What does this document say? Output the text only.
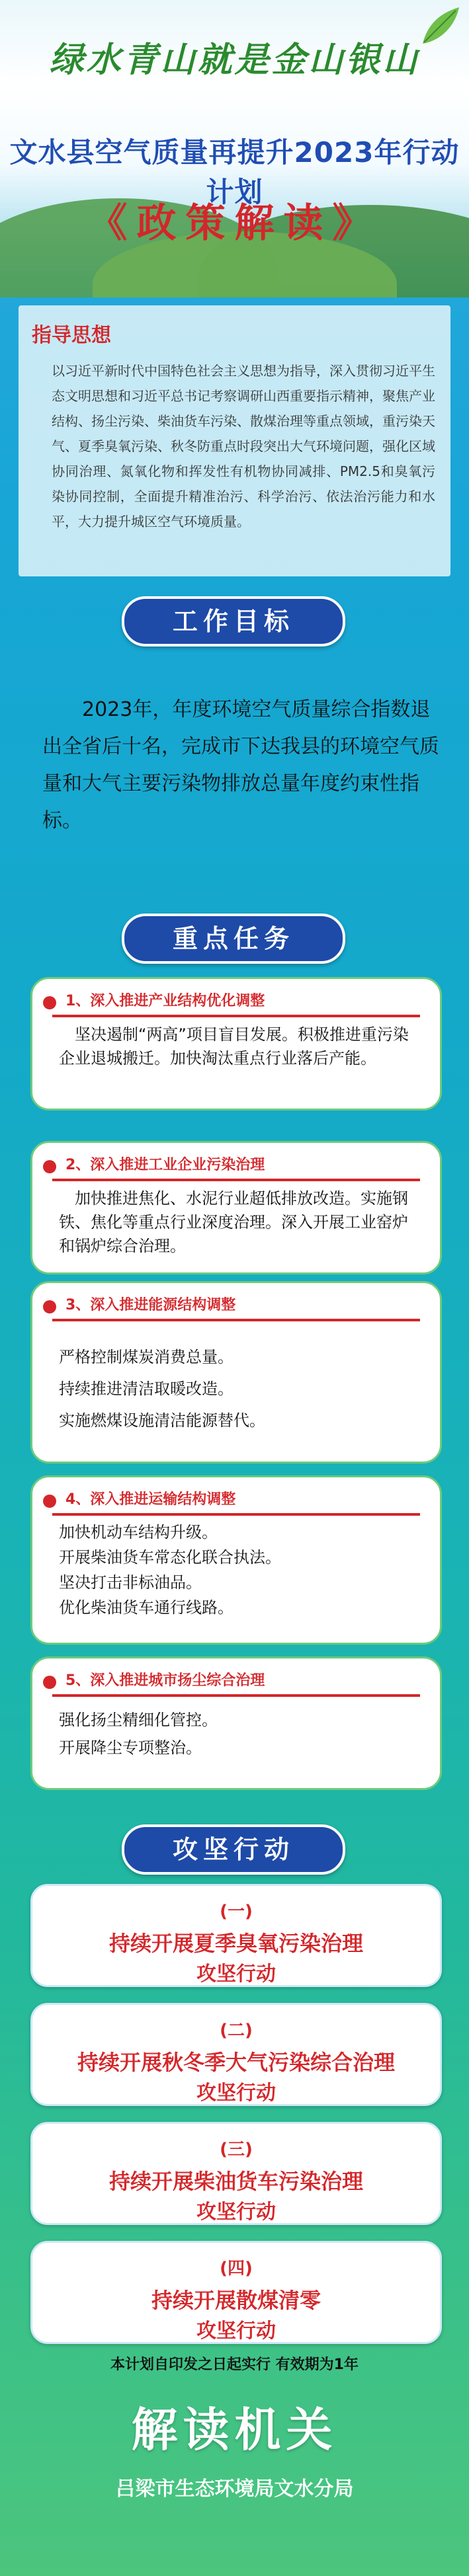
绿水青山就是金山银山
文水县空气质量再提升2023年行动计划
《政策解读》
指导思想
以习近平新时代中国特色社会主义思想为指导，深入贯彻习近平生态文明思想和习近平总书记考察调研山西重要指示精神，聚焦产业结构、扬尘污染、柴油货车污染、散煤治理等重点领域，重污染天气、夏季臭氧污染、秋冬防重点时段突出大气环境问题，强化区域协同治理、氮氧化物和挥发性有机物协同减排、PM2.5和臭氧污染协同控制，全面提升精准治污、科学治污、依法治污能力和水平，大力提升城区空气环境质量。
工作目标
2023年，年度环境空气质量综合指数退出全省后十名，完成市下达我县的环境空气质量和大气主要污染物排放总量年度约束性指标。
重点任务
1、深入推进产业结构优化调整
坚决遏制“两高”项目盲目发展。积极推进重污染企业退城搬迁。加快淘汰重点行业落后产能。
2、深入推进工业企业污染治理
加快推进焦化、水泥行业超低排放改造。实施钢铁、焦化等重点行业深度治理。深入开展工业窑炉和锅炉综合治理。
3、深入推进能源结构调整
严格控制煤炭消费总量。
持续推进清洁取暖改造。
实施燃煤设施清洁能源替代。
4、深入推进运输结构调整
加快机动车结构升级。
开展柴油货车常态化联合执法。
坚决打击非标油品。
优化柴油货车通行线路。
5、深入推进城市扬尘综合治理
强化扬尘精细化管控。
开展降尘专项整治。
攻坚行动
(一)
持续开展夏季臭氧污染治理
攻坚行动
(二)
持续开展秋冬季大气污染综合治理
攻坚行动
(三)
持续开展柴油货车污染治理
攻坚行动
本计划自印发之日起实行 有效期为1年
解读机关
吕梁市生态环境局文水分局
(四)
持续开展散煤清零
攻坚行动
